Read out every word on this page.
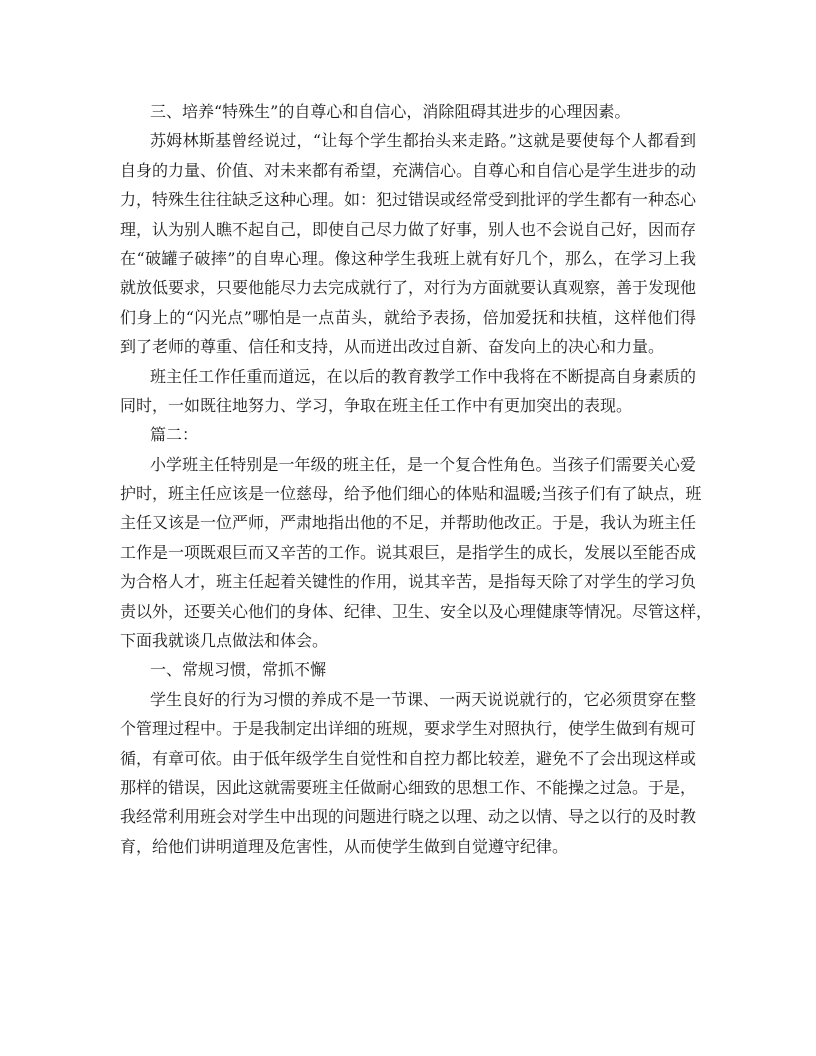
三、培养“特殊生”的自尊心和自信心，消除阻碍其进步的心理因素。
苏姆林斯基曾经说过，“让每个学生都抬头来走路。”这就是要使每个人都看到
自身的力量、价值、对未来都有希望，充满信心。自尊心和自信心是学生进步的动
力，特殊生往往缺乏这种心理。如：犯过错误或经常受到批评的学生都有一种态心
理，认为别人瞧不起自己，即使自己尽力做了好事，别人也不会说自己好，因而存
在“破罐子破摔”的自卑心理。像这种学生我班上就有好几个，那么，在学习上我
就放低要求，只要他能尽力去完成就行了，对行为方面就要认真观察，善于发现他
们身上的“闪光点”哪怕是一点苗头，就给予表扬，倍加爱抚和扶植，这样他们得
到了老师的尊重、信任和支持，从而迸出改过自新、奋发向上的决心和力量。
班主任工作任重而道远，在以后的教育教学工作中我将在不断提高自身素质的
同时，一如既往地努力、学习，争取在班主任工作中有更加突出的表现。
篇二：
小学班主任特别是一年级的班主任，是一个复合性角色。当孩子们需要关心爱
护时，班主任应该是一位慈母，给予他们细心的体贴和温暖;当孩子们有了缺点，班
主任又该是一位严师，严肃地指出他的不足，并帮助他改正。于是，我认为班主任
工作是一项既艰巨而又辛苦的工作。说其艰巨，是指学生的成长，发展以至能否成
为合格人才，班主任起着关键性的作用，说其辛苦，是指每天除了对学生的学习负
责以外，还要关心他们的身体、纪律、卫生、安全以及心理健康等情况。尽管这样，
下面我就谈几点做法和体会。
一、常规习惯，常抓不懈
学生良好的行为习惯的养成不是一节课、一两天说说就行的，它必须贯穿在整
个管理过程中。于是我制定出详细的班规，要求学生对照执行，使学生做到有规可
循，有章可依。由于低年级学生自觉性和自控力都比较差，避免不了会出现这样或
那样的错误，因此这就需要班主任做耐心细致的思想工作、不能操之过急。于是，
我经常利用班会对学生中出现的问题进行晓之以理、动之以情、导之以行的及时教
育，给他们讲明道理及危害性，从而使学生做到自觉遵守纪律。
